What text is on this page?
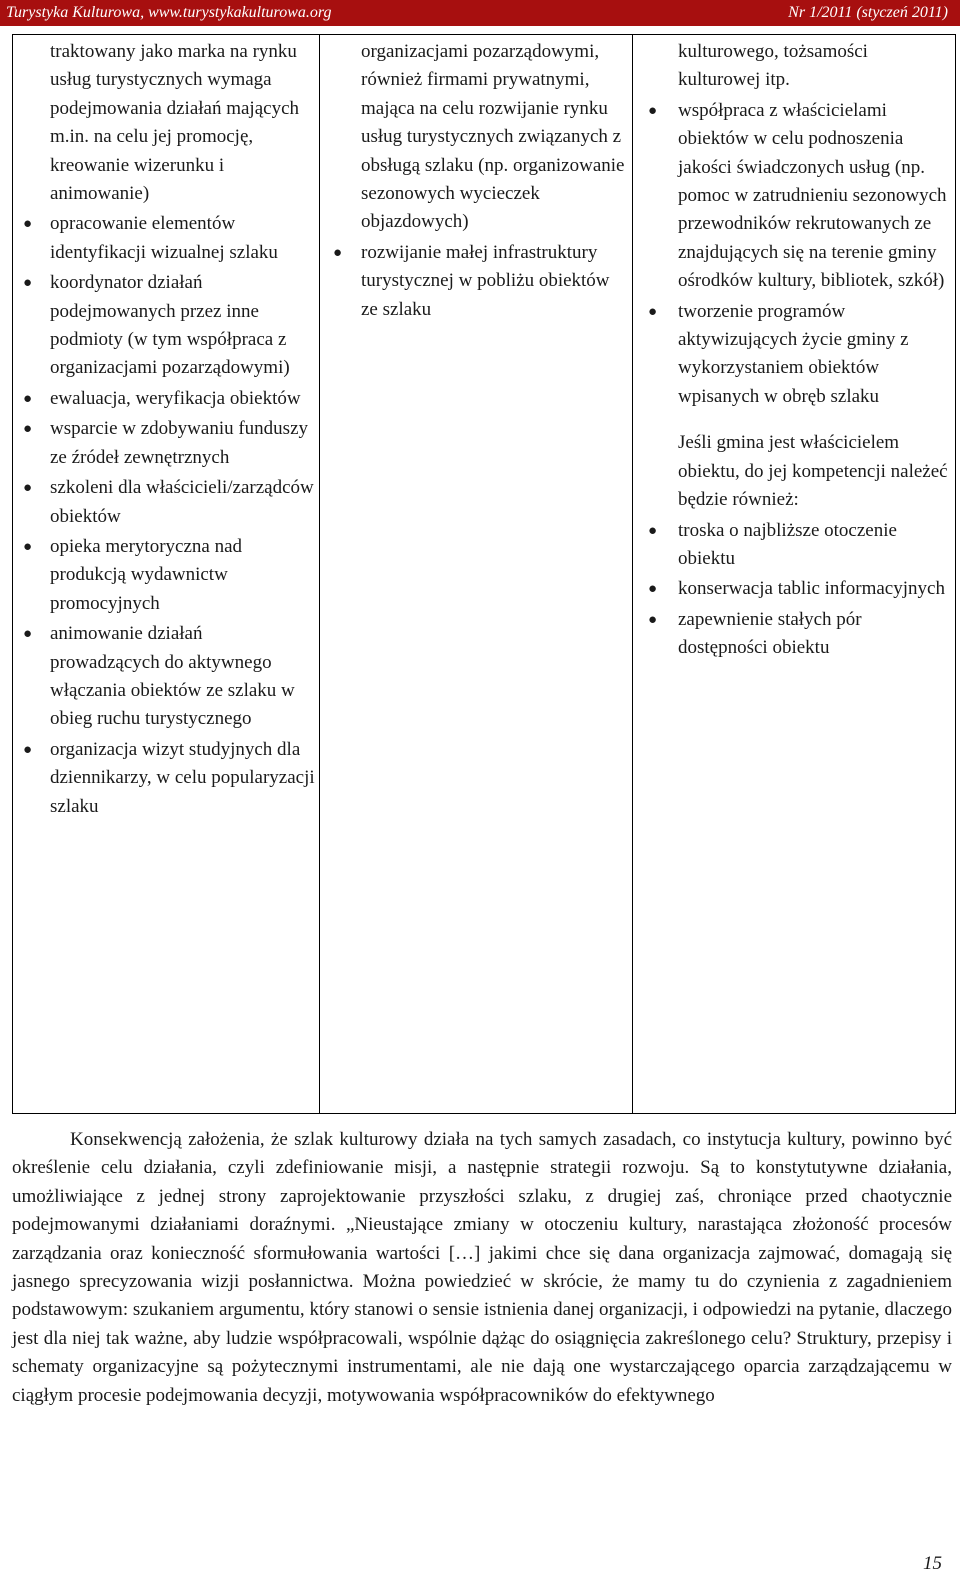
Turystyka Kulturowa, www.turystykakulturowa.org	Nr 1/2011 (styczeń 2011)
traktowany jako marka na rynku usług turystycznych wymaga podejmowania działań mających m.in. na celu jej promocję, kreowanie wizerunku i animowanie)
● opracowanie elementów identyfikacji wizualnej szlaku
● koordynator działań podejmowanych przez inne podmioty (w tym współpraca z organizacjami pozarządowymi)
● ewaluacja, weryfikacja obiektów
● wsparcie w zdobywaniu funduszy ze źródeł zewnętrznych
● szkoleni dla właścicieli/zarządców obiektów
● opieka merytoryczna nad produkcją wydawnictw promocyjnych
● animowanie działań prowadzących do aktywnego włączania obiektów ze szlaku w obieg ruchu turystycznego
● organizacja wizyt studyjnych dla dziennikarzy, w celu popularyzacji szlaku
organizacjami pozarządowymi, również firmami prywatnymi, mająca na celu rozwijanie rynku usług turystycznych związanych z obsługą szlaku (np. organizowanie sezonowych wycieczek objazdowych)
● rozwijanie małej infrastruktury turystycznej w pobliżu obiektów ze szlaku
kulturowego, tożsamości kulturowej itp.
● współpraca z właścicielami obiektów w celu podnoszenia jakości świadczonych usług (np. pomoc w zatrudnieniu sezonowych przewodników rekrutowanych ze znajdujących się na terenie gminy ośrodków kultury, bibliotek, szkół)
● tworzenie programów aktywizujących życie gminy z wykorzystaniem obiektów wpisanych w obręb szlaku
Jeśli gmina jest właścicielem obiektu, do jej kompetencji należeć będzie również:
● troska o najbliższe otoczenie obiektu
● konserwacja tablic informacyjnych
● zapewnienie stałych pór dostępności obiektu
Konsekwencją założenia, że szlak kulturowy działa na tych samych zasadach, co instytucja kultury, powinno być określenie celu działania, czyli zdefiniowanie misji, a następnie strategii rozwoju. Są to konstytutywne działania, umożliwiające z jednej strony zaprojektowanie przyszłości szlaku, z drugiej zaś, chroniące przed chaotycznie podejmowanymi działaniami doraźnymi. „Nieustające zmiany w otoczeniu kultury, narastająca złożoność procesów zarządzania oraz konieczność sformułowania wartości […] jakimi chce się dana organizacja zajmować, domagają się jasnego sprecyzowania wizji posłannictwa. Można powiedzieć w skrócie, że mamy tu do czynienia z zagadnieniem podstawowym: szukaniem argumentu, który stanowi o sensie istnienia danej organizacji, i odpowiedzi na pytanie, dlaczego jest dla niej tak ważne, aby ludzie współpracowali, wspólnie dążąc do osiągnięcia zakreślonego celu? Struktury, przepisy i schematy organizacyjne są pożytecznymi instrumentami, ale nie dają one wystarczającego oparcia zarządzającemu w ciągłym procesie podejmowania decyzji, motywowania współpracowników do efektywnego
15
